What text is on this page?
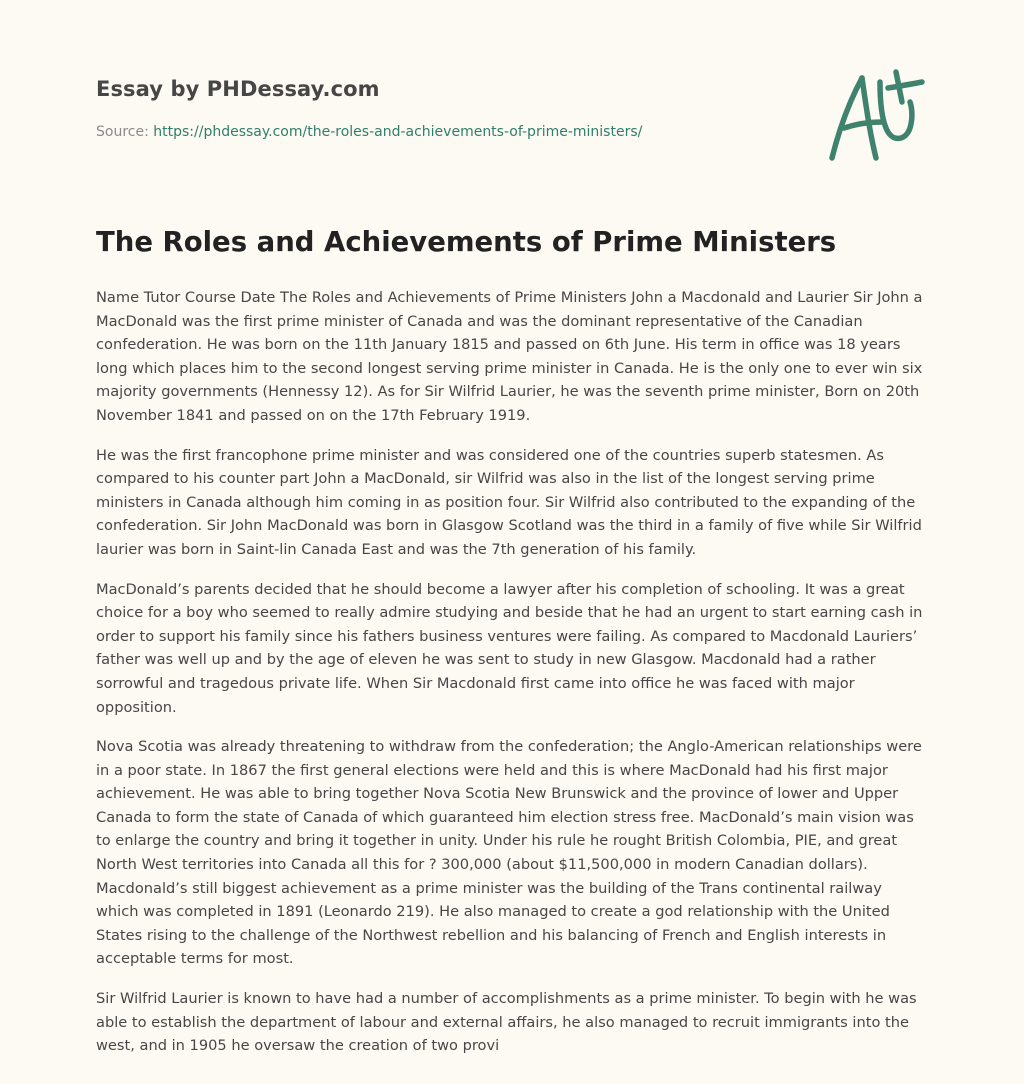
Essay by PHDessay.com
Source: https://phdessay.com/the-roles-and-achievements-of-prime-ministers/
The Roles and Achievements of Prime Ministers

Name Tutor Course Date The Roles and Achievements of Prime Ministers John a Macdonald and Laurier Sir John a MacDonald was the first prime minister of Canada and was the dominant representative of the Canadian confederation. He was born on the 11th January 1815 and passed on 6th June. His term in office was 18 years long which places him to the second longest serving prime minister in Canada. He is the only one to ever win six majority governments (Hennessy 12). As for Sir Wilfrid Laurier, he was the seventh prime minister, Born on 20th November 1841 and passed on on the 17th February 1919.

He was the first francophone prime minister and was considered one of the countries superb statesmen. As compared to his counter part John a MacDonald, sir Wilfrid was also in the list of the longest serving prime ministers in Canada although him coming in as position four. Sir Wilfrid also contributed to the expanding of the confederation. Sir John MacDonald was born in Glasgow Scotland was the third in a family of five while Sir Wilfrid laurier was born in Saint-lin Canada East and was the 7th generation of his family.

MacDonald’s parents decided that he should become a lawyer after his completion of schooling. It was a great choice for a boy who seemed to really admire studying and beside that he had an urgent to start earning cash in order to support his family since his fathers business ventures were failing. As compared to Macdonald Lauriers’ father was well up and by the age of eleven he was sent to study in new Glasgow. Macdonald had a rather sorrowful and tragedous private life. When Sir Macdonald first came into office he was faced with major opposition.

Nova Scotia was already threatening to withdraw from the confederation; the Anglo-American relationships were in a poor state. In 1867 the first general elections were held and this is where MacDonald had his first major achievement. He was able to bring together Nova Scotia New Brunswick and the province of lower and Upper Canada to form the state of Canada of which guaranteed him election stress free. MacDonald’s main vision was to enlarge the country and bring it together in unity. Under his rule he rought British Colombia, PIE, and great North West territories into Canada all this for ? 300,000 (about $11,500,000 in modern Canadian dollars). Macdonald’s still biggest achievement as a prime minister was the building of the Trans continental railway which was completed in 1891 (Leonardo 219). He also managed to create a god relationship with the United States rising to the challenge of the Northwest rebellion and his balancing of French and English interests in acceptable terms for most.

Sir Wilfrid Laurier is known to have had a number of accomplishments as a prime minister. To begin with he was able to establish the department of labour and external affairs, he also managed to recruit immigrants into the west, and in 1905 he oversaw the creation of two provi
